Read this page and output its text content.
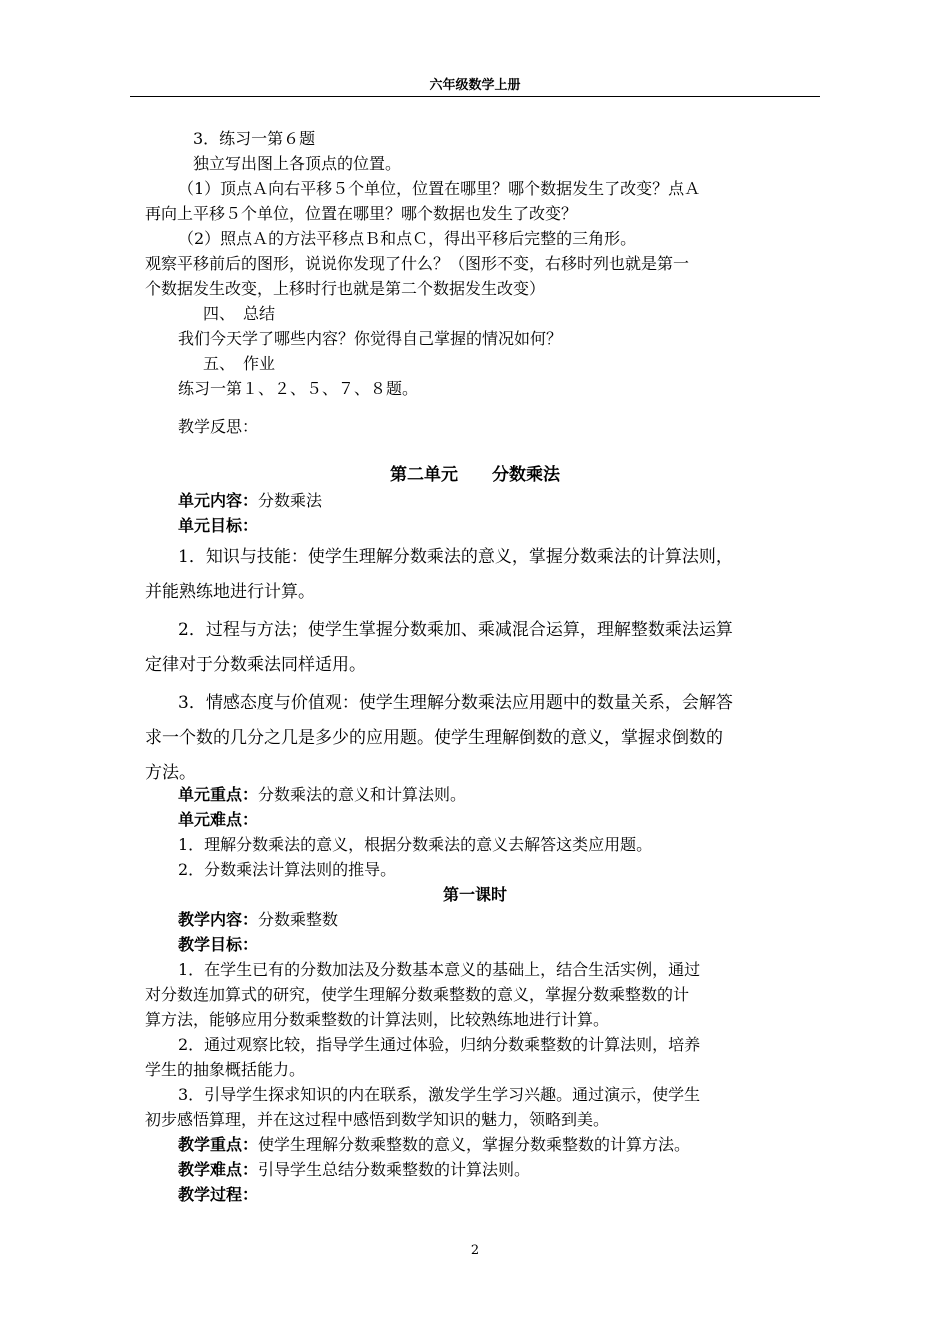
六年级数学上册
3．练习一第６题
独立写出图上各顶点的位置。
（1）顶点Ａ向右平移５个单位，位置在哪里？哪个数据发生了改变？点Ａ
再向上平移５个单位，位置在哪里？哪个数据也发生了改变？
（2）照点Ａ的方法平移点Ｂ和点Ｃ，得出平移后完整的三角形。
观察平移前后的图形，说说你发现了什么？（图形不变，右移时列也就是第一
个数据发生改变，上移时行也就是第二个数据发生改变）
四、　总结
我们今天学了哪些内容？你觉得自己掌握的情况如何？
五、　作业
练习一第１、２、５、７、８题。
教学反思：
第二单元　　分数乘法
单元内容：分数乘法
单元目标：
1．知识与技能：使学生理解分数乘法的意义，掌握分数乘法的计算法则，
并能熟练地进行计算。
2．过程与方法；使学生掌握分数乘加、乘减混合运算，理解整数乘法运算
定律对于分数乘法同样适用。
3．情感态度与价值观：使学生理解分数乘法应用题中的数量关系，会解答
求一个数的几分之几是多少的应用题。使学生理解倒数的意义，掌握求倒数的
方法。
单元重点：分数乘法的意义和计算法则。
单元难点：
1．理解分数乘法的意义，根据分数乘法的意义去解答这类应用题。
2．分数乘法计算法则的推导。
第一课时
教学内容：分数乘整数
教学目标：
1．在学生已有的分数加法及分数基本意义的基础上，结合生活实例，通过
对分数连加算式的研究，使学生理解分数乘整数的意义，掌握分数乘整数的计
算方法，能够应用分数乘整数的计算法则，比较熟练地进行计算。
2．通过观察比较，指导学生通过体验，归纳分数乘整数的计算法则，培养
学生的抽象概括能力。
3．引导学生探求知识的内在联系，激发学生学习兴趣。通过演示，使学生
初步感悟算理，并在这过程中感悟到数学知识的魅力，领略到美。
教学重点：使学生理解分数乘整数的意义，掌握分数乘整数的计算方法。
教学难点：引导学生总结分数乘整数的计算法则。
教学过程：
2
